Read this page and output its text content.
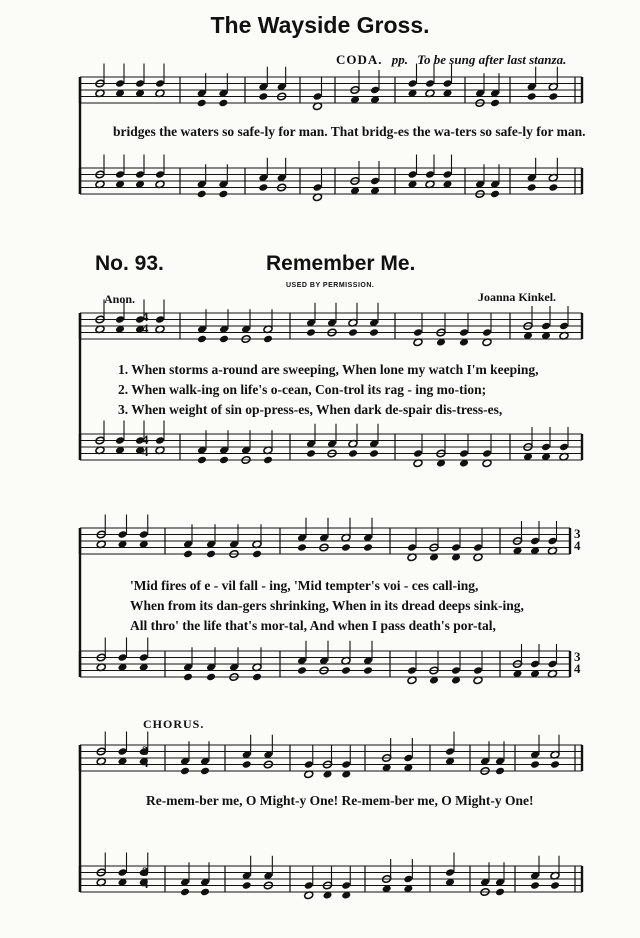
The Wayside Gross.
CODA. pp. To be sung after last stanza.
bridges the waters so safe-ly for man. That bridg-es the wa-ters so safe-ly for man.
No. 93.	Remember Me.
USED BY PERMISSION.
Anon.	Joanna Kinkel.
1. When storms a-round are sweeping, When lone my watch I'm keeping,
2. When walk-ing on life's o-cean, Con-trol its rag - ing mo-tion;
3. When weight of sin op-press-es, When dark de-spair dis-tress-es,
'Mid fires of e - vil fall - ing, 'Mid tempter's voi - ces call-ing,
When from its dan-gers shrinking, When in its dread deeps sink-ing,
All thro' the life that's mor-tal, And when I pass death's por-tal,
CHORUS.
Re-mem-ber me, O Might-y One! Re-mem-ber me, O Might-y One!
4
4
4
4
3
4
3
4
3
4
3
4
